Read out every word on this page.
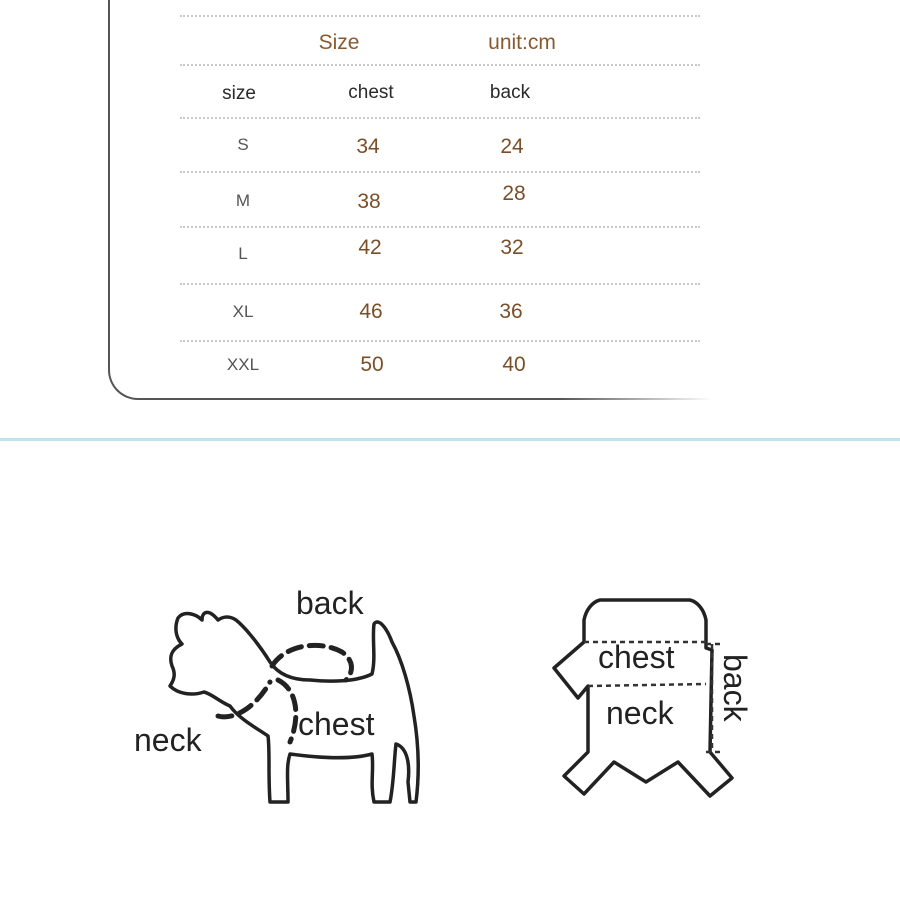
Size	unit:cm
size	chest	back
S	34	24
M	38	28
L	42	32
XL	46	36
XXL	50	40
back
chest
neck
chest
neck back
